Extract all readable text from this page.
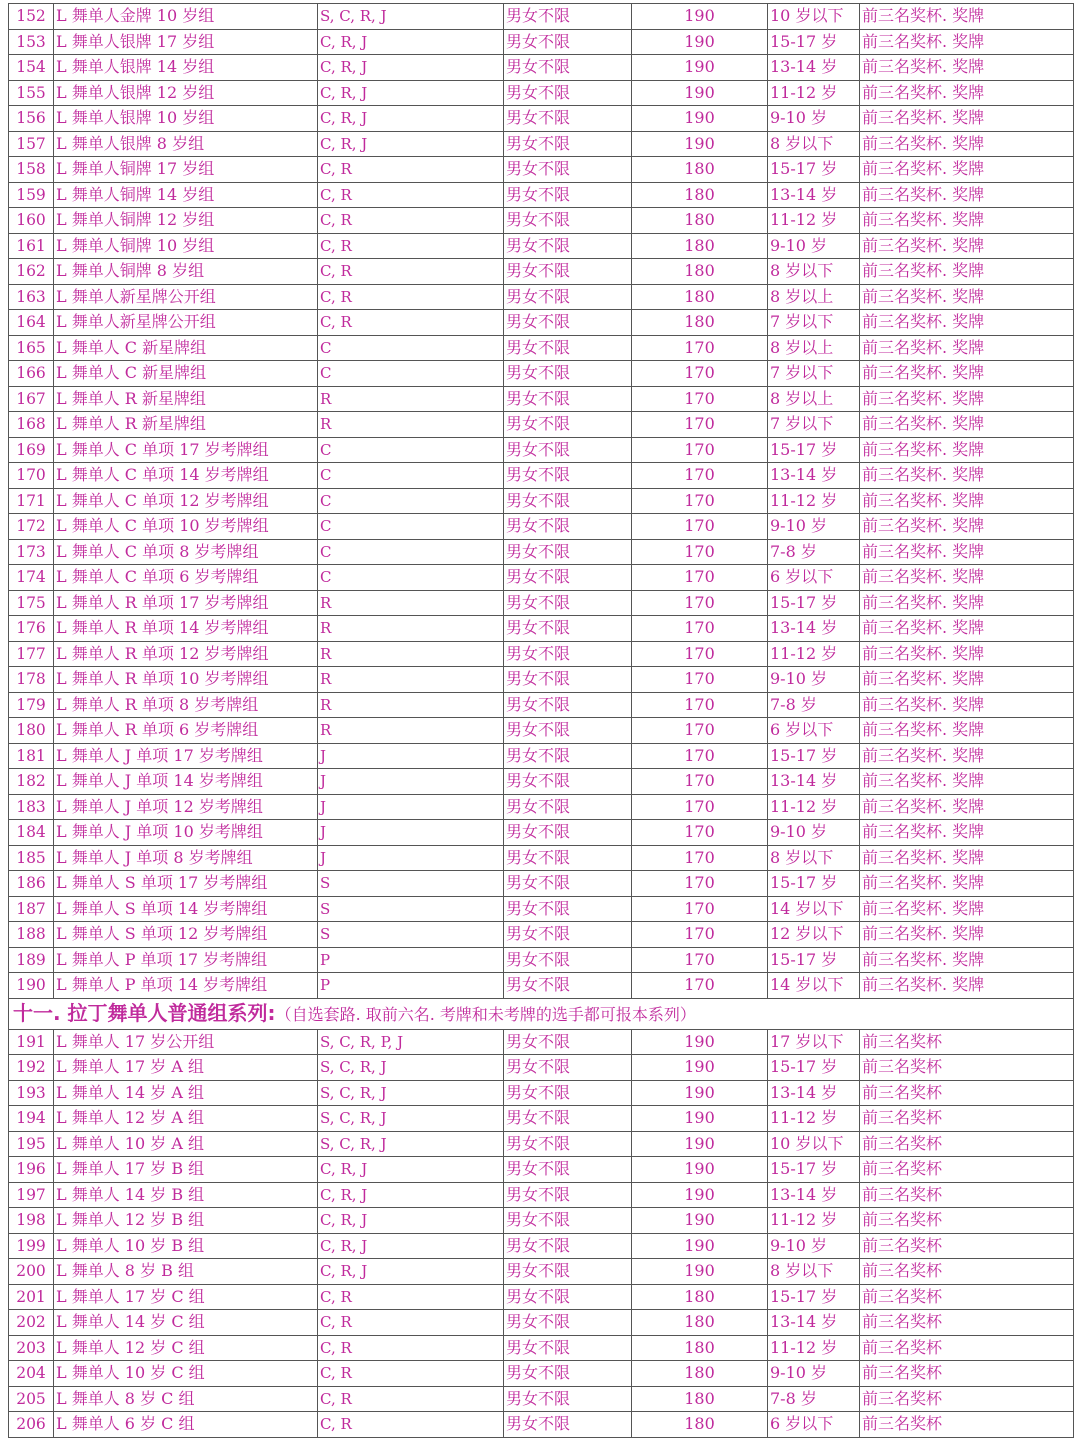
152	L 舞单人金牌 10 岁组	S, C, R, J	男女不限	190	10 岁以下	前三名奖杯. 奖牌
153	L 舞单人银牌 17 岁组	C, R, J	男女不限	190	15-17 岁	前三名奖杯. 奖牌
154	L 舞单人银牌 14 岁组	C, R, J	男女不限	190	13-14 岁	前三名奖杯. 奖牌
155	L 舞单人银牌 12 岁组	C, R, J	男女不限	190	11-12 岁	前三名奖杯. 奖牌
156	L 舞单人银牌 10 岁组	C, R, J	男女不限	190	9-10 岁	前三名奖杯. 奖牌
157	L 舞单人银牌 8 岁组	C, R, J	男女不限	190	8 岁以下	前三名奖杯. 奖牌
158	L 舞单人铜牌 17 岁组	C, R	男女不限	180	15-17 岁	前三名奖杯. 奖牌
159	L 舞单人铜牌 14 岁组	C, R	男女不限	180	13-14 岁	前三名奖杯. 奖牌
160	L 舞单人铜牌 12 岁组	C, R	男女不限	180	11-12 岁	前三名奖杯. 奖牌
161	L 舞单人铜牌 10 岁组	C, R	男女不限	180	9-10 岁	前三名奖杯. 奖牌
162	L 舞单人铜牌 8 岁组	C, R	男女不限	180	8 岁以下	前三名奖杯. 奖牌
163	L 舞单人新星牌公开组	C, R	男女不限	180	8 岁以上	前三名奖杯. 奖牌
164	L 舞单人新星牌公开组	C, R	男女不限	180	7 岁以下	前三名奖杯. 奖牌
165	L 舞单人 C 新星牌组	C	男女不限	170	8 岁以上	前三名奖杯. 奖牌
166	L 舞单人 C 新星牌组	C	男女不限	170	7 岁以下	前三名奖杯. 奖牌
167	L 舞单人 R 新星牌组	R	男女不限	170	8 岁以上	前三名奖杯. 奖牌
168	L 舞单人 R 新星牌组	R	男女不限	170	7 岁以下	前三名奖杯. 奖牌
169	L 舞单人 C 单项 17 岁考牌组	C	男女不限	170	15-17 岁	前三名奖杯. 奖牌
170	L 舞单人 C 单项 14 岁考牌组	C	男女不限	170	13-14 岁	前三名奖杯. 奖牌
171	L 舞单人 C 单项 12 岁考牌组	C	男女不限	170	11-12 岁	前三名奖杯. 奖牌
172	L 舞单人 C 单项 10 岁考牌组	C	男女不限	170	9-10 岁	前三名奖杯. 奖牌
173	L 舞单人 C 单项 8 岁考牌组	C	男女不限	170	7-8 岁	前三名奖杯. 奖牌
174	L 舞单人 C 单项 6 岁考牌组	C	男女不限	170	6 岁以下	前三名奖杯. 奖牌
175	L 舞单人 R 单项 17 岁考牌组	R	男女不限	170	15-17 岁	前三名奖杯. 奖牌
176	L 舞单人 R 单项 14 岁考牌组	R	男女不限	170	13-14 岁	前三名奖杯. 奖牌
177	L 舞单人 R 单项 12 岁考牌组	R	男女不限	170	11-12 岁	前三名奖杯. 奖牌
178	L 舞单人 R 单项 10 岁考牌组	R	男女不限	170	9-10 岁	前三名奖杯. 奖牌
179	L 舞单人 R 单项 8 岁考牌组	R	男女不限	170	7-8 岁	前三名奖杯. 奖牌
180	L 舞单人 R 单项 6 岁考牌组	R	男女不限	170	6 岁以下	前三名奖杯. 奖牌
181	L 舞单人 J 单项 17 岁考牌组	J	男女不限	170	15-17 岁	前三名奖杯. 奖牌
182	L 舞单人 J 单项 14 岁考牌组	J	男女不限	170	13-14 岁	前三名奖杯. 奖牌
183	L 舞单人 J 单项 12 岁考牌组	J	男女不限	170	11-12 岁	前三名奖杯. 奖牌
184	L 舞单人 J 单项 10 岁考牌组	J	男女不限	170	9-10 岁	前三名奖杯. 奖牌
185	L 舞单人 J 单项 8 岁考牌组	J	男女不限	170	8 岁以下	前三名奖杯. 奖牌
186	L 舞单人 S 单项 17 岁考牌组	S	男女不限	170	15-17 岁	前三名奖杯. 奖牌
187	L 舞单人 S 单项 14 岁考牌组	S	男女不限	170	14 岁以下	前三名奖杯. 奖牌
188	L 舞单人 S 单项 12 岁考牌组	S	男女不限	170	12 岁以下	前三名奖杯. 奖牌
189	L 舞单人 P 单项 17 岁考牌组	P	男女不限	170	15-17 岁	前三名奖杯. 奖牌
190	L 舞单人 P 单项 14 岁考牌组	P	男女不限	170	14 岁以下	前三名奖杯. 奖牌
十一. 拉丁舞单人普通组系列:（自选套路. 取前六名. 考牌和未考牌的选手都可报本系列）						
191	L 舞单人 17 岁公开组	S, C, R, P, J	男女不限	190	17 岁以下	前三名奖杯
192	L 舞单人 17 岁 A 组	S, C, R, J	男女不限	190	15-17 岁	前三名奖杯
193	L 舞单人 14 岁 A 组	S, C, R, J	男女不限	190	13-14 岁	前三名奖杯
194	L 舞单人 12 岁 A 组	S, C, R, J	男女不限	190	11-12 岁	前三名奖杯
195	L 舞单人 10 岁 A 组	S, C, R, J	男女不限	190	10 岁以下	前三名奖杯
196	L 舞单人 17 岁 B 组	C, R, J	男女不限	190	15-17 岁	前三名奖杯
197	L 舞单人 14 岁 B 组	C, R, J	男女不限	190	13-14 岁	前三名奖杯
198	L 舞单人 12 岁 B 组	C, R, J	男女不限	190	11-12 岁	前三名奖杯
199	L 舞单人 10 岁 B 组	C, R, J	男女不限	190	9-10 岁	前三名奖杯
200	L 舞单人 8 岁 B 组	C, R, J	男女不限	190	8 岁以下	前三名奖杯
201	L 舞单人 17 岁 C 组	C, R	男女不限	180	15-17 岁	前三名奖杯
202	L 舞单人 14 岁 C 组	C, R	男女不限	180	13-14 岁	前三名奖杯
203	L 舞单人 12 岁 C 组	C, R	男女不限	180	11-12 岁	前三名奖杯
204	L 舞单人 10 岁 C 组	C, R	男女不限	180	9-10 岁	前三名奖杯
205	L 舞单人 8 岁 C 组	C, R	男女不限	180	7-8 岁	前三名奖杯
206	L 舞单人 6 岁 C 组	C, R	男女不限	180	6 岁以下	前三名奖杯
